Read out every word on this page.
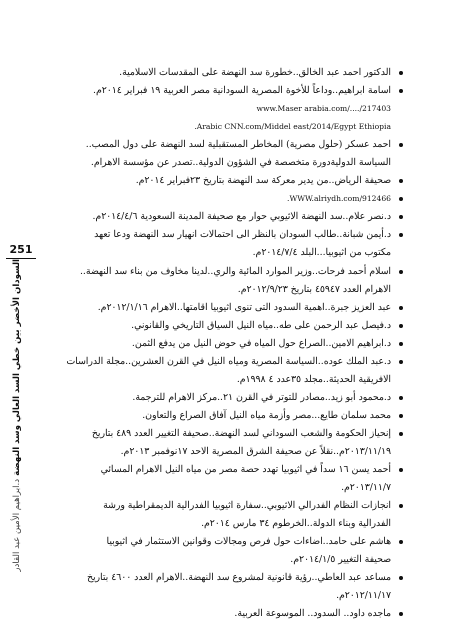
251
السودان الأخضر بين خطي السد العالي وسد النهضة د.ابراهيم الأمين عبد القادر
الدكتور احمد عبد الخالق..خطورة سد النهضة على المقدسات الاسلامية.
اسامة ابراهيم..وداعاً للأخوة المصرية السودانية مصر العربية ١٩ فبراير ٢٠١٤م.
www.Maser arabia.com/..../217403
.Arabic CNN.com/Middel east/2014/Egypt Ethiopia
احمد عسكر (حلول مصرية) المخاطر المستقبلية لسد النهضة على دول المصب..
السياسة الدوليةدورة متخصصة في الشؤون الدولية..تصدر عن مؤسسة الاهرام.
صحيفة الرياض..من يدير معركة سد النهضة بتاريخ ٢٣فبراير ٢٠١٤م.
.WWW.alriydh.com/912466
د.نصر علام..سد النهضة الاثيوبي حوار مع صحيفة المدينة السعودية ٢٠١٤/٤/٦م.
د.أيمن شبانة..طالب السودان بالنظر الى احتمالات انهيار سد النهضة ودعا تعهد
مكتوب من اثيوبيا...البلد ٢٠١٤/٧/٤م.
اسلام أحمد فرحات..وزير الموارد المائية والري..لدينا مخاوف من بناء سد النهضة..
الاهرام العدد ٤٥٩٤٧ بتاريخ ٢٠١٢/٩/٢٣م.
عبد العزيز جبرة..اهمية السدود التى تنوى اثيوبيا اقامتها..الاهرام ٢٠١٢/١/١٦م.
د.فيصل عبد الرحمن على طه..مياه النيل السياق التاريخي والقانوني.
د.ابراهيم الامين..الصراع حول المياه في حوض النيل من يدفع الثمن.
د.عبد الملك عوده..السياسة المصرية ومياه النيل في القرن العشرين..مجلة الدراسات
الافريقية الحديثة..مجلد ٣٥عدد ٤ ١٩٩٨م.
د.محمود أبو زيد..مصادر للتوتر في القرن ٢١..مركز الاهرام للترجمة.
محمد سلمان طايع...مصر وأزمة مياه النيل آفاق الصراع والتعاون.
إنحياز الحكومة والشعب السوداني لسد النهضة..صحيفة التغيير العدد ٤٨٩ بتاريخ
٢٠١٣/١١/١٩م..نقلاً عن صحيفة الشرق المصرية الاحد ١٧نوفمبر ٢٠١٣م.
أحمد يسن ١٦ سداً في اثيوبيا تهدد حصة مصر من مياه النيل الاهرام المسائي
٢٠١٣/١١/٧م.
انجازات النظام الفدرالي الاثيوبي..سفارة اثيوبيا الفدرالية الديمقراطية ورشة
الفدرالية وبناء الدولة..الخرطوم ٣٤ مارس ٢٠١٤م.
هاشم على حامد..اضاءات حول فرص ومجالات وقوانين الاستثمار في اثيوبيا
صحيفة التغيير ٢٠١٤/١/٥م.
مساعد عبد العاطي..رؤية قانونية لمشروع سد النهضة..الاهرام العدد ٤٦٠٠ بتاريخ
٢٠١٢/١١/١٧م.
ماجده داود.. السدود.. الموسوعة العربية.
